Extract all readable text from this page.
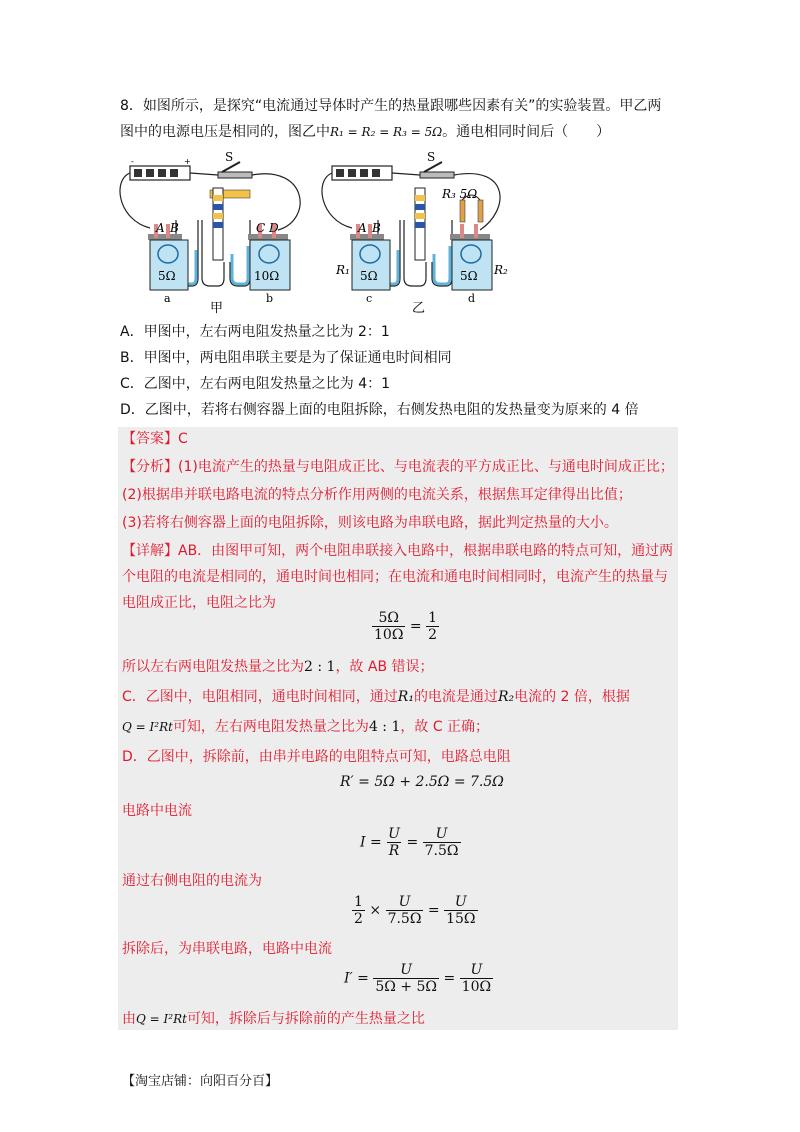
8．如图所示，是探究“电流通过导体时产生的热量跟哪些因素有关”的实验装置。甲乙两
图中的电源电压是相同的，图乙中R₁ = R₂ = R₃ = 5Ω。通电相同时间后（　　）
-	+	S
A B	C D
5Ω	10Ω
a	b
甲
S
R₃ 5Ω
A B
R₁	R₂
5Ω	5Ω
c	d
乙
A．甲图中，左右两电阻发热量之比为 2：1
B．甲图中，两电阻串联主要是为了保证通电时间相同
C．乙图中，左右两电阻发热量之比为 4：1
D．乙图中，若将右侧容器上面的电阻拆除，右侧发热电阻的发热量变为原来的 4 倍
【答案】C
【分析】(1)电流产生的热量与电阻成正比、与电流表的平方成正比、与通电时间成正比；
(2)根据串并联电路电流的特点分析作用两侧的电流关系，根据焦耳定律得出比值；
(3)若将右侧容器上面的电阻拆除，则该电路为串联电路，据此判定热量的大小。
【详解】AB．由图甲可知，两个电阻串联接入电路中，根据串联电路的特点可知，通过两
个电阻的电流是相同的，通电时间也相同；在电流和通电时间相同时，电流产生的热量与
电阻成正比，电阻之比为
$\frac{5\Omega}{10\Omega} = \frac{1}{2}$
所以左右两电阻发热量之比为2 : 1，故 AB 错误；
C．乙图中，电阻相同，通电时间相同，通过R₁的电流是通过R₂电流的 2 倍，根据
Q = I²Rt可知，左右两电阻发热量之比为4 : 1，故 C 正确；
D．乙图中，拆除前，由串并电路的电阻特点可知，电路总电阻
R′ = 5Ω + 2.5Ω = 7.5Ω
电路中电流
$I = \frac{U}{R} = \frac{U}{7.5\Omega}$
通过右侧电阻的电流为
$\frac{1}{2} \times \frac{U}{7.5\Omega} = \frac{U}{15\Omega}$
拆除后，为串联电路，电路中电流
$I' = \frac{U}{5\Omega + 5\Omega} = \frac{U}{10\Omega}$
由Q = I²Rt可知，拆除后与拆除前的产生热量之比
【淘宝店铺：向阳百分百】
